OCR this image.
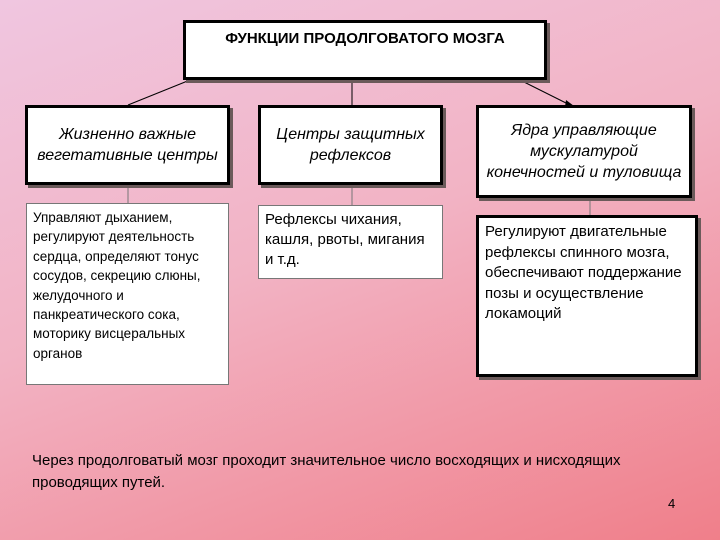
ФУНКЦИИ ПРОДОЛГОВАТОГО МОЗГА
Жизненно важные вегетативные центры
Центры защитных рефлексов
Ядра управляющие мускулатурой конечностей и туловища
Управляют дыханием, регулируют деятельность сердца, определяют тонус сосудов, секрецию слюны, желудочного и панкреатического сока, моторику висцеральных органов
Рефлексы чихания, кашля, рвоты, мигания и т.д.
Регулируют двигательные рефлексы спинного мозга, обеспечивают поддержание позы и осуществление локамоций
Через продолговатый мозг проходит значительное число восходящих и нисходящих проводящих путей.
4
